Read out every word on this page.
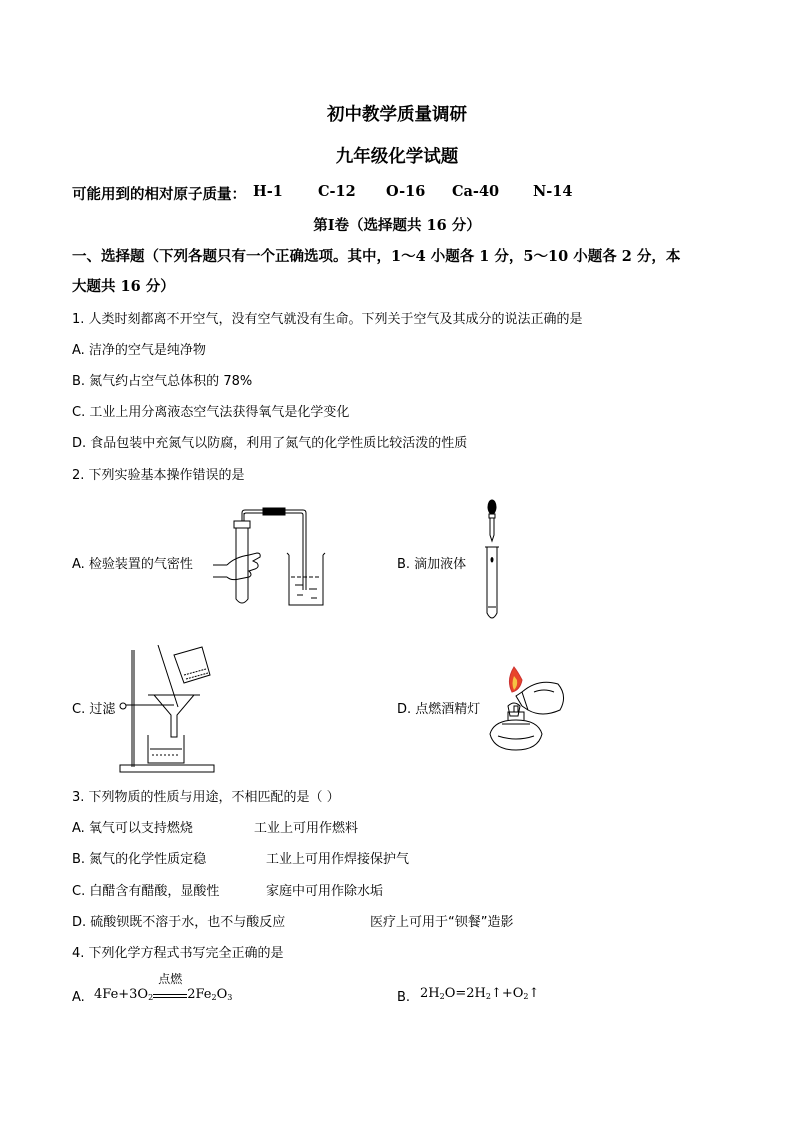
初中教学质量调研
九年级化学试题
可能用到的相对原子质量： H-1 C-12 O-16 Ca-40 N-14
第Ⅰ卷（选择题共 16 分）
一、选择题（下列各题只有一个正确选项。其中，1～4 小题各 1 分，5～10 小题各 2 分，本
大题共 16 分）
1. 人类时刻都离不开空气，没有空气就没有生命。下列关于空气及其成分的说法正确的是
A. 洁净的空气是纯净物
B. 氮气约占空气总体积的 78%
C. 工业上用分离液态空气法获得氧气是化学变化
D. 食品包装中充氮气以防腐，利用了氮气的化学性质比较活泼的性质
2. 下列实验基本操作错误的是
A. 检验装置的气密性	B. 滴加液体
C. 过滤	D. 点燃酒精灯
3. 下列物质的性质与用途，不相匹配的是（ ）
A. 氧气可以支持燃烧	工业上可用作燃料
B. 氮气的化学性质定稳	工业上可用作焊接保护气
C. 白醋含有醋酸，显酸性	家庭中可用作除水垢
D. 硫酸钡既不溶于水，也不与酸反应	医疗上可用于“钡餐”造影
4. 下列化学方程式书写完全正确的是
A. $4Fe+3O_2$
点燃
$2Fe_2O_3$	B. $2H_2O=2H_2↑+O_2↑$
